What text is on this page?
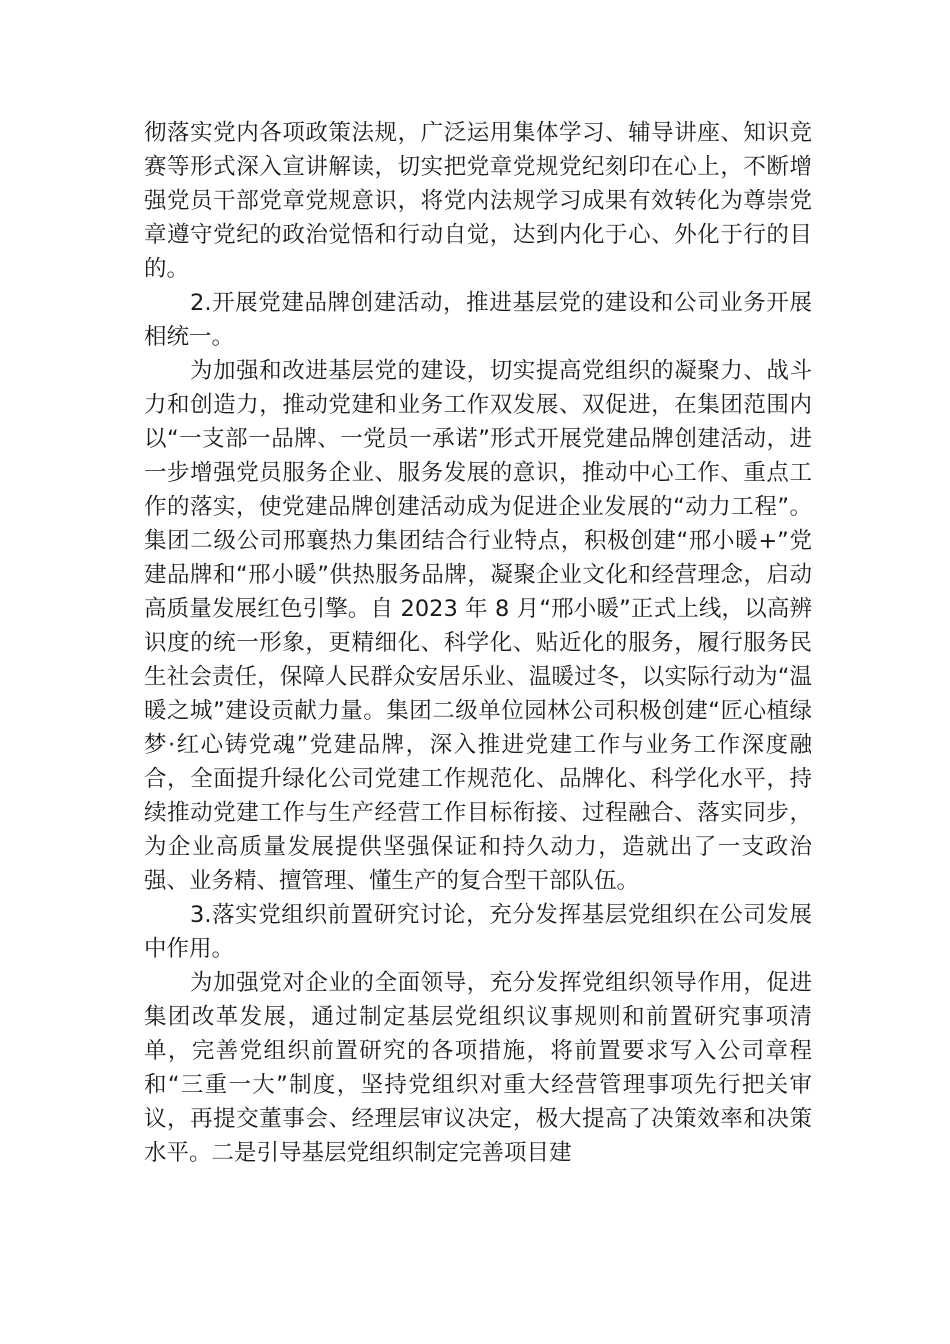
彻落实党内各项政策法规，广泛运用集体学习、辅导讲座、知识竞赛等形式深入宣讲解读，切实把党章党规党纪刻印在心上，不断增强党员干部党章党规意识，将党内法规学习成果有效转化为尊崇党章遵守党纪的政治觉悟和行动自觉，达到内化于心、外化于行的目的。

2.开展党建品牌创建活动，推进基层党的建设和公司业务开展相统一。

为加强和改进基层党的建设，切实提高党组织的凝聚力、战斗力和创造力，推动党建和业务工作双发展、双促进，在集团范围内以“一支部一品牌、一党员一承诺”形式开展党建品牌创建活动，进一步增强党员服务企业、服务发展的意识，推动中心工作、重点工作的落实，使党建品牌创建活动成为促进企业发展的“动力工程”。集团二级公司邢襄热力集团结合行业特点，积极创建“邢小暖+”党建品牌和“邢小暖”供热服务品牌，凝聚企业文化和经营理念，启动高质量发展红色引擎。自 2023 年 8 月“邢小暖”正式上线，以高辨识度的统一形象，更精细化、科学化、贴近化的服务，履行服务民生社会责任，保障人民群众安居乐业、温暖过冬，以实际行动为“温暖之城”建设贡献力量。集团二级单位园林公司积极创建“匠心植绿梦·红心铸党魂”党建品牌，深入推进党建工作与业务工作深度融合，全面提升绿化公司党建工作规范化、品牌化、科学化水平，持续推动党建工作与生产经营工作目标衔接、过程融合、落实同步，为企业高质量发展提供坚强保证和持久动力，造就出了一支政治强、业务精、擅管理、懂生产的复合型干部队伍。

3.落实党组织前置研究讨论，充分发挥基层党组织在公司发展中作用。

为加强党对企业的全面领导，充分发挥党组织领导作用，促进集团改革发展，通过制定基层党组织议事规则和前置研究事项清单，完善党组织前置研究的各项措施，将前置要求写入公司章程和“三重一大”制度，坚持党组织对重大经营管理事项先行把关审议，再提交董事会、经理层审议决定，极大提高了决策效率和决策水平。二是引导基层党组织制定完善项目建
